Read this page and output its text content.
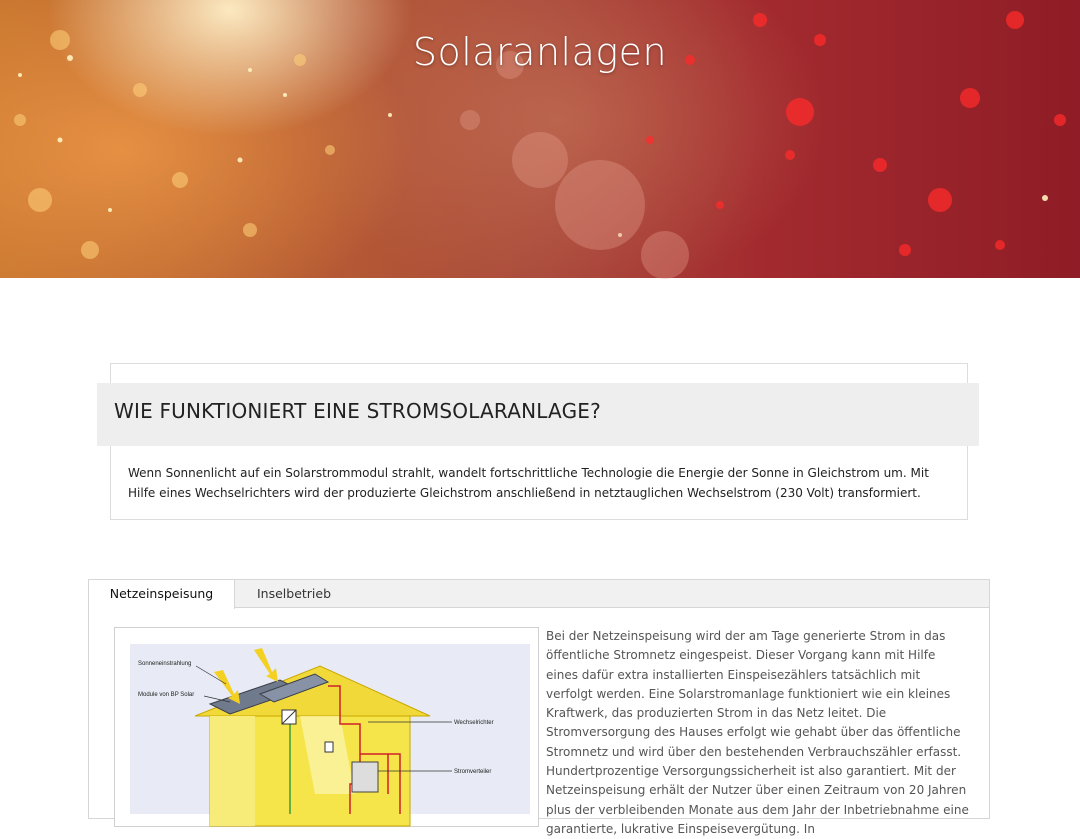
Solaranlagen
WIE FUNKTIONIERT EINE STROMSOLARANLAGE?
Wenn Sonnenlicht auf ein Solarstrommodul strahlt, wandelt fortschrittliche Technologie die Energie der Sonne in Gleichstrom um. Mit Hilfe eines Wechselrichters wird der produzierte Gleichstrom anschließend in netztauglichen Wechselstrom (230 Volt) transformiert.
Netzeinspeisung	Inselbetrieb
Sonneneinstrahlung
Module von BP Solar
Wechselrichter
Stromverteiler
Bei der Netzeinspeisung wird der am Tage generierte Strom in das öffentliche Stromnetz eingespeist. Dieser Vorgang kann mit Hilfe eines dafür extra installierten Einspeisezählers tatsächlich mit verfolgt werden. Eine Solarstromanlage funktioniert wie ein kleines Kraftwerk, das produzierten Strom in das Netz leitet. Die Stromversorgung des Hauses erfolgt wie gehabt über das öffentliche Stromnetz und wird über den bestehenden Verbrauchszähler erfasst. Hundertprozentige Versorgungssicherheit ist also garantiert. Mit der Netzeinspeisung erhält der Nutzer über einen Zeitraum von 20 Jahren plus der verbleibenden Monate aus dem Jahr der Inbetriebnahme eine garantierte, lukrative Einspeisevergütung. In
